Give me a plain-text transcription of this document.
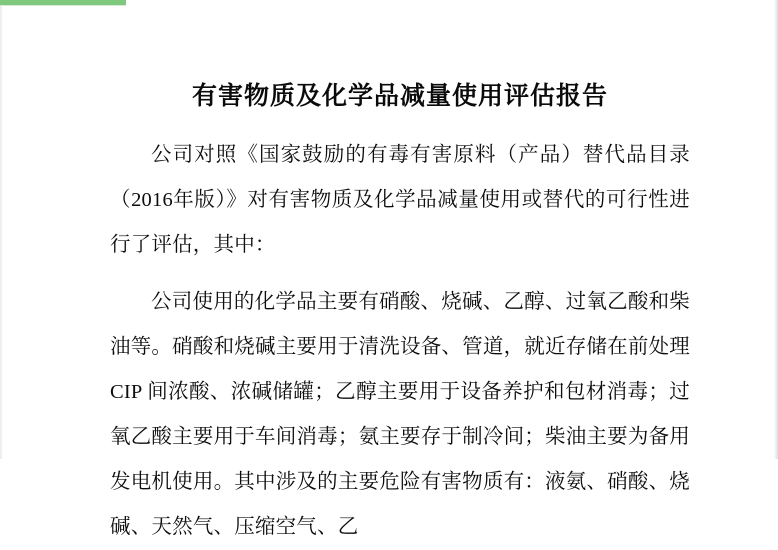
有害物质及化学品减量使用评估报告

公司对照《国家鼓励的有毒有害原料（产品）替代品目录（2016年版）》对有害物质及化学品减量使用或替代的可行性进行了评估，其中：

公司使用的化学品主要有硝酸、烧碱、乙醇、过氧乙酸和柴油等。硝酸和烧碱主要用于清洗设备、管道，就近存储在前处理 CIP 间浓酸、浓碱储罐；乙醇主要用于设备养护和包材消毒；过氧乙酸主要用于车间消毒；氨主要存于制冷间；柴油主要为备用发电机使用。其中涉及的主要危险有害物质有：液氨、硝酸、烧碱、天然气、压缩空气、乙
